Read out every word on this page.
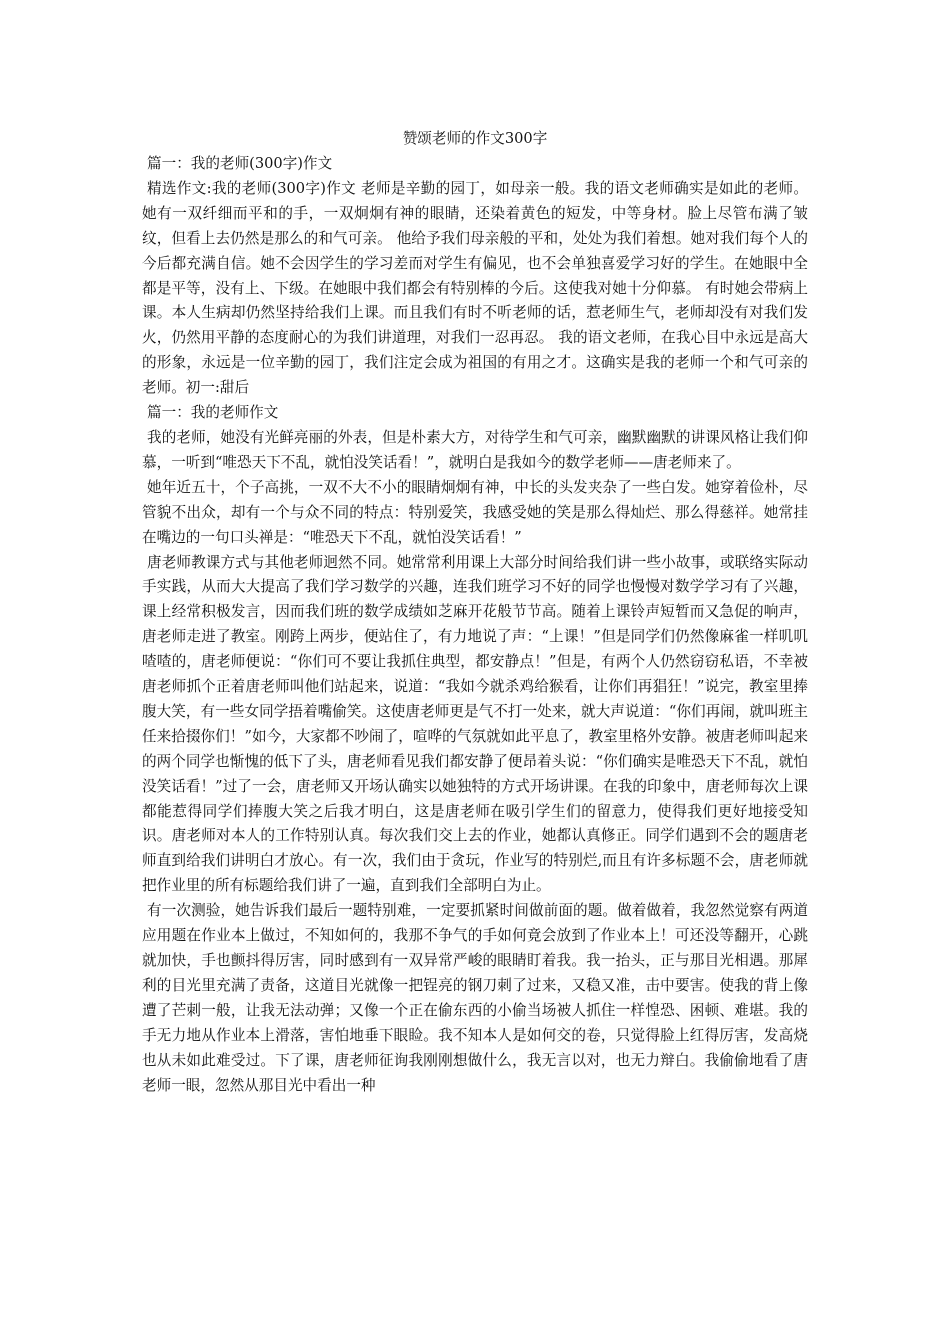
赞颂老师的作文300字

篇一：我的老师(300字)作文

精选作文:我的老师(300字)作文 老师是辛勤的园丁，如母亲一般。我的语文老师确实是如此的老师。 她有一双纤细而平和的手，一双炯炯有神的眼睛，还染着黄色的短发，中等身材。脸上尽管布满了皱纹，但看上去仍然是那么的和气可亲。 他给予我们母亲般的平和，处处为我们着想。她对我们每个人的今后都充满自信。她不会因学生的学习差而对学生有偏见，也不会单独喜爱学习好的学生。在她眼中全都是平等，没有上、下级。在她眼中我们都会有特别棒的今后。这使我对她十分仰慕。 有时她会带病上课。本人生病却仍然坚持给我们上课。而且我们有时不听老师的话，惹老师生气，老师却没有对我们发火，仍然用平静的态度耐心的为我们讲道理，对我们一忍再忍。 我的语文老师，在我心目中永远是高大的形象，永远是一位辛勤的园丁，我们注定会成为祖国的有用之才。这确实是我的老师一个和气可亲的老师。初一:甜后

篇一：我的老师作文

我的老师，她没有光鲜亮丽的外表，但是朴素大方，对待学生和气可亲，幽默幽默的讲课风格让我们仰慕，一听到“唯恐天下不乱，就怕没笑话看！”，就明白是我如今的数学老师——唐老师来了。

她年近五十，个子高挑，一双不大不小的眼睛炯炯有神，中长的头发夹杂了一些白发。她穿着俭朴，尽管貌不出众，却有一个与众不同的特点：特别爱笑，我感受她的笑是那么得灿烂、那么得慈祥。她常挂在嘴边的一句口头禅是：“唯恐天下不乱，就怕没笑话看！”

唐老师教课方式与其他老师迥然不同。她常常利用课上大部分时间给我们讲一些小故事，或联络实际动手实践，从而大大提高了我们学习数学的兴趣，连我们班学习不好的同学也慢慢对数学学习有了兴趣，课上经常积极发言，因而我们班的数学成绩如芝麻开花般节节高。随着上课铃声短暂而又急促的响声，唐老师走进了教室。刚跨上两步，便站住了，有力地说了声：“上课！”但是同学们仍然像麻雀一样叽叽喳喳的，唐老师便说：“你们可不要让我抓住典型，都安静点！”但是，有两个人仍然窃窃私语，不幸被唐老师抓个正着唐老师叫他们站起来，说道：“我如今就杀鸡给猴看，让你们再猖狂！”说完，教室里捧腹大笑，有一些女同学捂着嘴偷笑。这使唐老师更是气不打一处来，就大声说道：“你们再闹，就叫班主任来拾掇你们！”如今，大家都不吵闹了，喧哗的气氛就如此平息了，教室里格外安静。被唐老师叫起来的两个同学也惭愧的低下了头，唐老师看见我们都安静了便昂着头说：“你们确实是唯恐天下不乱，就怕没笑话看！”过了一会，唐老师又开场认确实以她独特的方式开场讲课。在我的印象中，唐老师每次上课都能惹得同学们捧腹大笑之后我才明白，这是唐老师在吸引学生们的留意力，使得我们更好地接受知识。唐老师对本人的工作特别认真。每次我们交上去的作业，她都认真修正。同学们遇到不会的题唐老师直到给我们讲明白才放心。有一次，我们由于贪玩，作业写的特别烂,而且有许多标题不会，唐老师就把作业里的所有标题给我们讲了一遍，直到我们全部明白为止。

有一次测验，她告诉我们最后一题特别难，一定要抓紧时间做前面的题。做着做着，我忽然觉察有两道应用题在作业本上做过，不知如何的，我那不争气的手如何竟会放到了作业本上！可还没等翻开，心跳就加快，手也颤抖得厉害，同时感到有一双异常严峻的眼睛盯着我。我一抬头，正与那目光相遇。那犀利的目光里充满了责备，这道目光就像一把锃亮的钢刀刺了过来，又稳又准，击中要害。使我的背上像遭了芒刺一般，让我无法动弹；又像一个正在偷东西的小偷当场被人抓住一样惶恐、困顿、难堪。我的手无力地从作业本上滑落，害怕地垂下眼睑。我不知本人是如何交的卷，只觉得脸上红得厉害，发高烧也从未如此难受过。下了课，唐老师征询我刚刚想做什么，我无言以对，也无力辩白。我偷偷地看了唐老师一眼，忽然从那目光中看出一种
